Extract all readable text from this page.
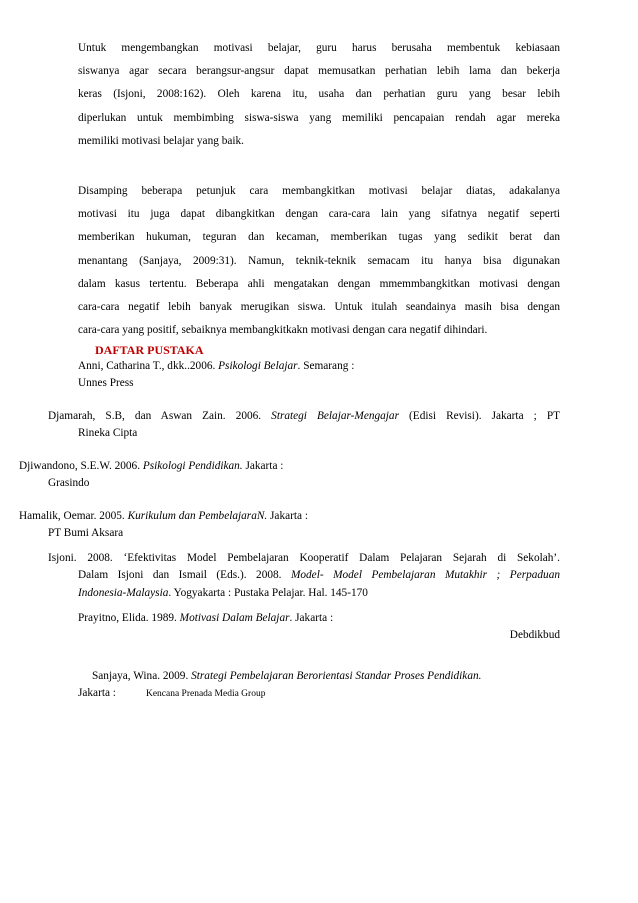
Untuk mengembangkan motivasi belajar, guru harus berusaha membentuk kebiasaan
siswanya agar secara berangsur-angsur dapat memusatkan perhatian lebih lama dan bekerja
keras (Isjoni, 2008:162). Oleh karena itu, usaha dan perhatian guru yang besar lebih
diperlukan untuk membimbing siswa-siswa yang memiliki pencapaian rendah agar mereka
memiliki motivasi belajar yang baik.
Disamping beberapa petunjuk cara membangkitkan motivasi belajar diatas, adakalanya
motivasi itu juga dapat dibangkitkan dengan cara-cara lain yang sifatnya negatif seperti
memberikan hukuman, teguran dan kecaman, memberikan tugas yang sedikit berat dan
menantang (Sanjaya, 2009:31). Namun, teknik-teknik semacam itu hanya bisa digunakan
dalam kasus tertentu. Beberapa ahli mengatakan dengan mmemmbangkitkan motivasi dengan
cara-cara negatif lebih banyak merugikan siswa. Untuk itulah seandainya masih bisa dengan
cara-cara yang positif, sebaiknya membangkitkakn motivasi dengan cara negatif dihindari.
DAFTAR PUSTAKA
Anni, Catharina T., dkk..2006. Psikologi Belajar. Semarang :
Unnes Press
Djamarah, S.B, dan Aswan Zain. 2006. Strategi Belajar-Mengajar (Edisi Revisi). Jakarta ; PT
Rineka Cipta
Djiwandono, S.E.W. 2006. Psikologi Pendidikan. Jakarta :
Grasindo
Hamalik, Oemar. 2005. Kurikulum dan PembelajaraN. Jakarta :
PT Bumi Aksara
Isjoni. 2008. ‘Efektivitas Model Pembelajaran Kooperatif Dalam Pelajaran Sejarah di Sekolah’.
Dalam Isjoni dan Ismail (Eds.). 2008. Model- Model Pembelajaran Mutakhir ; Perpaduan
Indonesia-Malaysia. Yogyakarta : Pustaka Pelajar. Hal. 145-170
Prayitno, Elida. 1989. Motivasi Dalam Belajar. Jakarta :
Debdikbud
Sanjaya, Wina. 2009. Strategi Pembelajaran Berorientasi Standar Proses Pendidikan.
Jakarta :	Kencana Prenada Media Group
